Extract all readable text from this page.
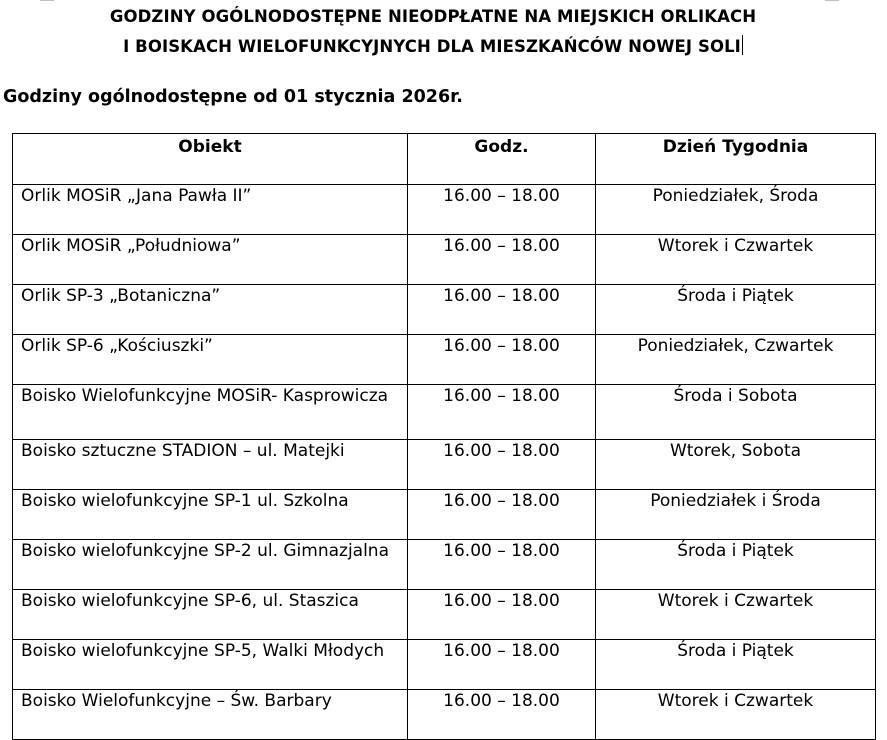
GODZINY OGÓLNODOSTĘPNE NIEODPŁATNE NA MIEJSKICH ORLIKACH
I BOISKACH WIELOFUNKCYJNYCH DLA MIESZKAŃCÓW NOWEJ SOLI
Godziny ogólnodostępne od 01 stycznia 2026r.
Obiekt	Godz.	Dzień Tygodnia
Orlik MOSiR „Jana Pawła II”	16.00 – 18.00	Poniedziałek, Środa
Orlik MOSiR „Południowa”	16.00 – 18.00	Wtorek i Czwartek
Orlik SP-3 „Botaniczna”	16.00 – 18.00	Środa i Piątek
Orlik SP-6 „Kościuszki”	16.00 – 18.00	Poniedziałek, Czwartek
Boisko Wielofunkcyjne MOSiR- Kasprowicza	16.00 – 18.00	Środa i Sobota
Boisko sztuczne STADION – ul. Matejki	16.00 – 18.00	Wtorek, Sobota
Boisko wielofunkcyjne SP-1 ul. Szkolna	16.00 – 18.00	Poniedziałek i Środa
Boisko wielofunkcyjne SP-2 ul. Gimnazjalna	16.00 – 18.00	Środa i Piątek
Boisko wielofunkcyjne SP-6, ul. Staszica	16.00 – 18.00	Wtorek i Czwartek
Boisko wielofunkcyjne SP-5, Walki Młodych	16.00 – 18.00	Środa i Piątek
Boisko Wielofunkcyjne – Św. Barbary	16.00 – 18.00	Wtorek i Czwartek
